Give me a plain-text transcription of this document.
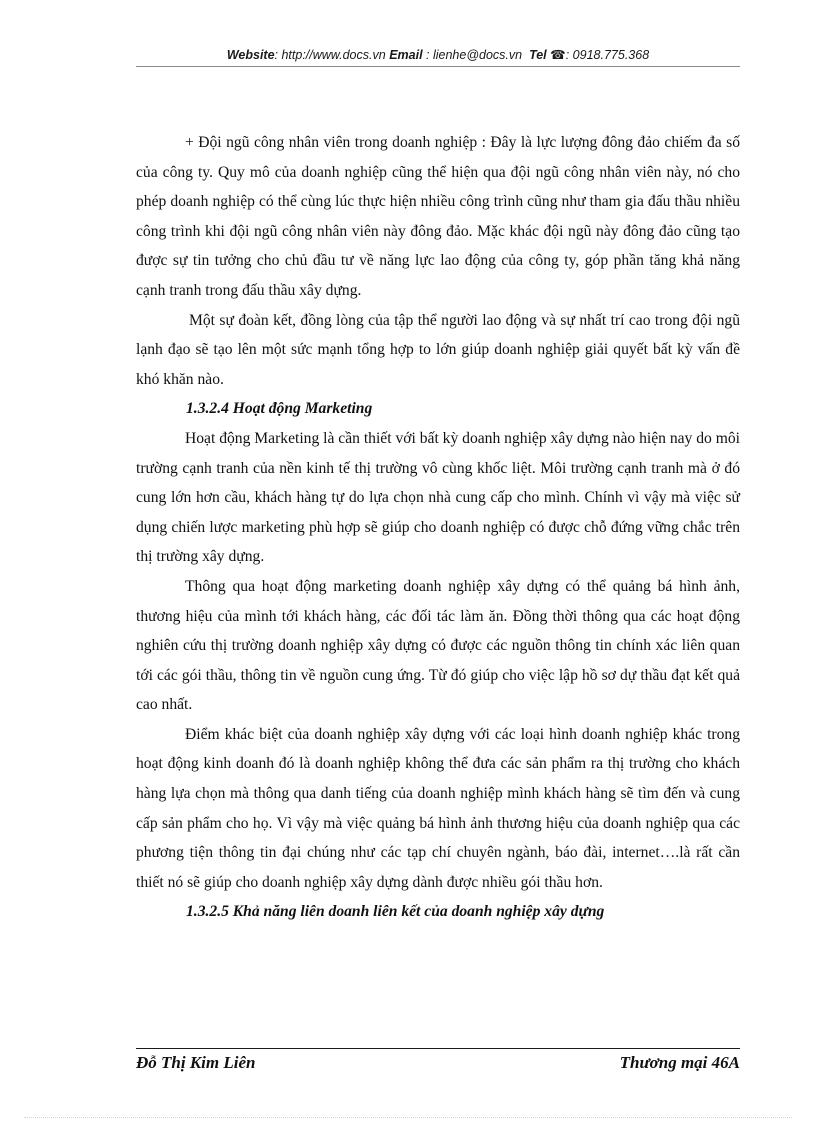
Website: http://www.docs.vn Email : lienhe@docs.vn Tel ☎: 0918.775.368

+ Đội ngũ công nhân viên trong doanh nghiệp : Đây là lực lượng đông đảo chiếm đa số của công ty. Quy mô của doanh nghiệp cũng thể hiện qua đội ngũ công nhân viên này, nó cho phép doanh nghiệp có thể cùng lúc thực hiện nhiều công trình cũng như tham gia đấu thầu nhiều công trình khi đội ngũ công nhân viên này đông đảo. Mặc khác đội ngũ này đông đảo cũng tạo được sự tin tưởng cho chủ đầu tư về năng lực lao động của công ty, góp phần tăng khả năng cạnh tranh trong đấu thầu xây dựng.

Một sự đoàn kết, đồng lòng của tập thể người lao động và sự nhất trí cao trong đội ngũ lạnh đạo sẽ tạo lên một sức mạnh tổng hợp to lớn giúp doanh nghiệp giải quyết bất kỳ vấn đề khó khăn nào.

1.3.2.4 Hoạt động Marketing

Hoạt động Marketing là cần thiết với bất kỳ doanh nghiệp xây dựng nào hiện nay do môi trường cạnh tranh của nền kinh tế thị trường vô cùng khốc liệt. Môi trường cạnh tranh mà ở đó cung lớn hơn cầu, khách hàng tự do lựa chọn nhà cung cấp cho mình. Chính vì vậy mà việc sử dụng chiến lược marketing phù hợp sẽ giúp cho doanh nghiệp có được chỗ đứng vững chắc trên thị trường xây dựng.

Thông qua hoạt động marketing doanh nghiệp xây dựng có thể quảng bá hình ảnh, thương hiệu của mình tới khách hàng, các đối tác làm ăn. Đồng thời thông qua các hoạt động nghiên cứu thị trường doanh nghiệp xây dựng có được các nguồn thông tin chính xác liên quan tới các gói thầu, thông tin về nguồn cung ứng. Từ đó giúp cho việc lập hồ sơ dự thầu đạt kết quả cao nhất.

Điểm khác biệt của doanh nghiệp xây dựng với các loại hình doanh nghiệp khác trong hoạt động kinh doanh đó là doanh nghiệp không thể đưa các sản phẩm ra thị trường cho khách hàng lựa chọn mà thông qua danh tiếng của doanh nghiệp mình khách hàng sẽ tìm đến và cung cấp sản phẩm cho họ. Vì vậy mà việc quảng bá hình ảnh thương hiệu của doanh nghiệp qua các phương tiện thông tin đại chúng như các tạp chí chuyên ngành, báo đài, internet….là rất cần thiết nó sẽ giúp cho doanh nghiệp xây dựng dành được nhiều gói thầu hơn.

1.3.2.5 Khả năng liên doanh liên kết của doanh nghiệp xây dựng
Đỗ Thị Kim Liên	Thương mại 46A
